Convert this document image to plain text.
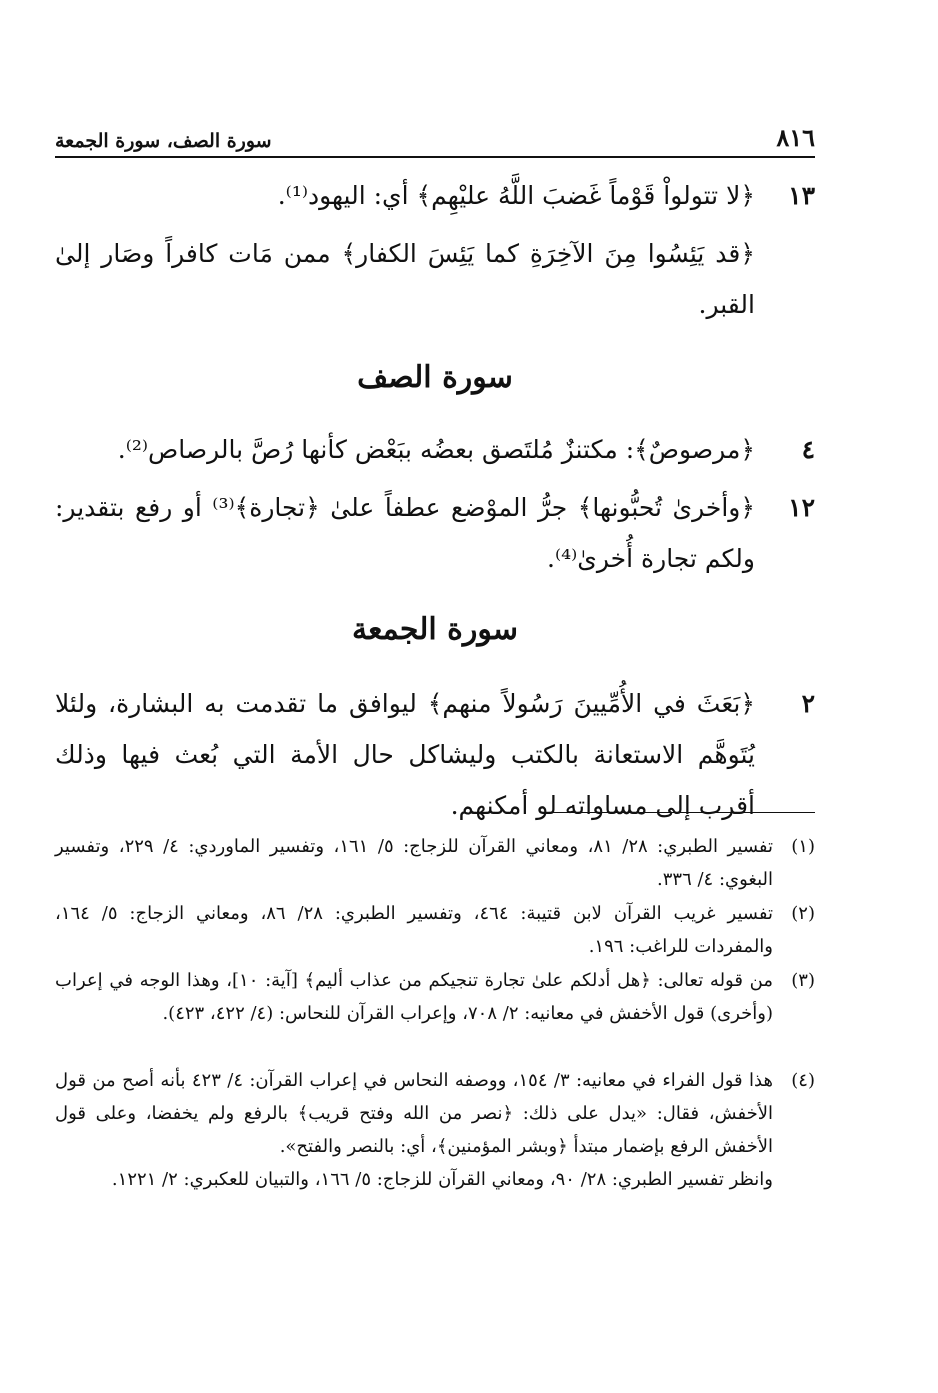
٨١٦
سورة الصف، سورة الجمعة
١٣
﴿لا تتولواْ قَوْماً غَضبَ اللَّهُ عليْهِم﴾ أي: اليهود⁽¹⁾.
﴿قد يَئِسُوا مِنَ الآخِرَةِ كما يَئِسَ الكفار﴾ ممن مَات كافراً وصَار إلىٰ القبر.
سورة الصف
٤
﴿مرصوصٌ﴾: مكتنزٌ مُلتَصق بعضُه ببَعْض كأنها رُصَّ بالرصاص⁽²⁾.
١٢
﴿وأخرىٰ تُحبُّونها﴾ جرُّ الموْضع عطفاً علىٰ ﴿تجارة﴾⁽³⁾ أو رفع بتقدير: ولكم تجارة أُخرىٰ⁽⁴⁾.
سورة الجمعة
٢
﴿بَعَثَ في الأُمِّيينَ رَسُولاً منهم﴾ ليوافق ما تقدمت به البشارة، ولئلا يُتَوهَّم الاستعانة بالكتب وليشاكل حال الأمة التي بُعث فيها وذلك أقرب إلى مساواته لو أمكنهم.
(١)
تفسير الطبري: ٢٨/ ٨١، ومعاني القرآن للزجاج: ٥/ ١٦١، وتفسير الماوردي: ٤/ ٢٢٩، وتفسير البغوي: ٤/ ٣٣٦.
(٢)
تفسير غريب القرآن لابن قتيبة: ٤٦٤، وتفسير الطبري: ٢٨/ ٨٦، ومعاني الزجاج: ٥/ ١٦٤، والمفردات للراغب: ١٩٦.
(٣)
من قوله تعالى: ﴿هل أدلكم علىٰ تجارة تنجيكم من عذاب أليم﴾ [آية: ١٠]، وهذا الوجه في إعراب (وأخرى) قول الأخفش في معانيه: ٢/ ٧٠٨، وإعراب القرآن للنحاس: (٤/ ٤٢٢، ٤٢٣).
(٤)
هذا قول الفراء في معانيه: ٣/ ١٥٤، ووصفه النحاس في إعراب القرآن: ٤/ ٤٢٣ بأنه أصح من قول الأخفش، فقال: «يدل على ذلك: ﴿نصر من الله وفتح قريب﴾ بالرفع ولم يخفضا، وعلى قول الأخفش الرفع بإضمار مبتدأ ﴿وبشر المؤمنين﴾، أي: بالنصر والفتح».
وانظر تفسير الطبري: ٢٨/ ٩٠، ومعاني القرآن للزجاج: ٥/ ١٦٦، والتبيان للعكبري: ٢/ ١٢٢١.
